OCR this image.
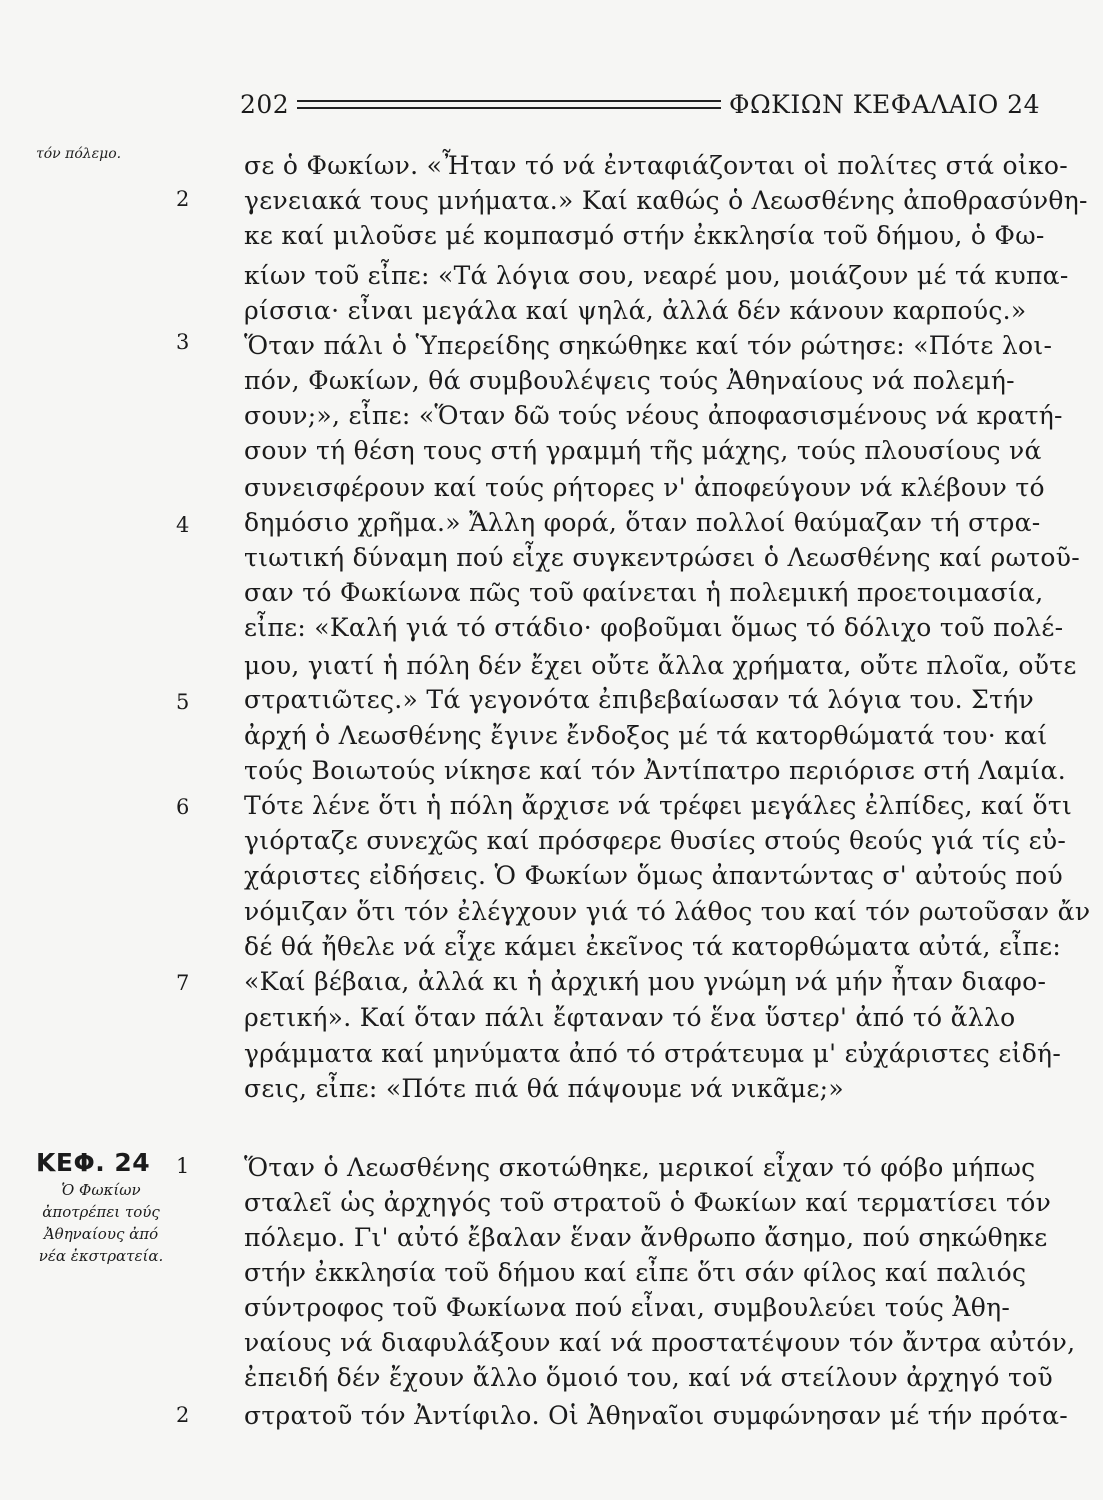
202	ΦΩΚΙΩΝ ΚΕΦΑΛΑΙΟ 24
τόν πόλεμο.
ΚΕΦ. 24
Ὁ Φωκίων ἀποτρέπει τούς Ἀθηναίους ἀπό νέα ἐκστρατεία.
2
3
4
5
6
7
1
2
σε ὁ Φωκίων. «Ἦταν τό νά ἐνταφιάζονται οἱ πολίτες στά οἰκο-
γενειακά τους μνήματα.» Καί καθώς ὁ Λεωσθένης ἀποθρασύνθη-
κε καί μιλοῦσε μέ κομπασμό στήν ἐκκλησία τοῦ δήμου, ὁ Φω-
κίων τοῦ εἶπε: «Τά λόγια σου, νεαρέ μου, μοιάζουν μέ τά κυπα-
ρίσσια· εἶναι μεγάλα καί ψηλά, ἀλλά δέν κάνουν καρπούς.»
Ὅταν πάλι ὁ Ὑπερείδης σηκώθηκε καί τόν ρώτησε: «Πότε λοι-
πόν, Φωκίων, θά συμβουλέψεις τούς Ἀθηναίους νά πολεμή-
σουν;», εἶπε: «Ὅταν δῶ τούς νέους ἀποφασισμένους νά κρατή-
σουν τή θέση τους στή γραμμή τῆς μάχης, τούς πλουσίους νά
συνεισφέρουν καί τούς ρήτορες ν' ἀποφεύγουν νά κλέβουν τό
δημόσιο χρῆμα.» Ἄλλη φορά, ὅταν πολλοί θαύμαζαν τή στρα-
τιωτική δύναμη πού εἶχε συγκεντρώσει ὁ Λεωσθένης καί ρωτοῦ-
σαν τό Φωκίωνα πῶς τοῦ φαίνεται ἡ πολεμική προετοιμασία,
εἶπε: «Καλή γιά τό στάδιο· φοβοῦμαι ὅμως τό δόλιχο τοῦ πολέ-
μου, γιατί ἡ πόλη δέν ἔχει οὔτε ἄλλα χρήματα, οὔτε πλοῖα, οὔτε
στρατιῶτες.» Τά γεγονότα ἐπιβεβαίωσαν τά λόγια του. Στήν
ἀρχή ὁ Λεωσθένης ἔγινε ἔνδοξος μέ τά κατορθώματά του· καί
τούς Βοιωτούς νίκησε καί τόν Ἀντίπατρο περιόρισε στή Λαμία.
Τότε λένε ὅτι ἡ πόλη ἄρχισε νά τρέφει μεγάλες ἐλπίδες, καί ὅτι
γιόρταζε συνεχῶς καί πρόσφερε θυσίες στούς θεούς γιά τίς εὐ-
χάριστες εἰδήσεις. Ὁ Φωκίων ὅμως ἀπαντώντας σ' αὐτούς πού
νόμιζαν ὅτι τόν ἐλέγχουν γιά τό λάθος του καί τόν ρωτοῦσαν ἄν
δέ θά ἤθελε νά εἶχε κάμει ἐκεῖνος τά κατορθώματα αὐτά, εἶπε:
«Καί βέβαια, ἀλλά κι ἡ ἀρχική μου γνώμη νά μήν ἦταν διαφο-
ρετική». Καί ὅταν πάλι ἔφταναν τό ἕνα ὕστερ' ἀπό τό ἄλλο
γράμματα καί μηνύματα ἀπό τό στράτευμα μ' εὐχάριστες εἰδή-
σεις, εἶπε: «Πότε πιά θά πάψουμε νά νικᾶμε;»
Ὅταν ὁ Λεωσθένης σκοτώθηκε, μερικοί εἶχαν τό φόβο μήπως
σταλεῖ ὡς ἀρχηγός τοῦ στρατοῦ ὁ Φωκίων καί τερματίσει τόν
πόλεμο. Γι' αὐτό ἔβαλαν ἕναν ἄνθρωπο ἄσημο, πού σηκώθηκε
στήν ἐκκλησία τοῦ δήμου καί εἶπε ὅτι σάν φίλος καί παλιός
σύντροφος τοῦ Φωκίωνα πού εἶναι, συμβουλεύει τούς Ἀθη-
ναίους νά διαφυλάξουν καί νά προστατέψουν τόν ἄντρα αὐτόν,
ἐπειδή δέν ἔχουν ἄλλο ὅμοιό του, καί νά στείλουν ἀρχηγό τοῦ
στρατοῦ τόν Ἀντίφιλο. Οἱ Ἀθηναῖοι συμφώνησαν μέ τήν πρότα-
